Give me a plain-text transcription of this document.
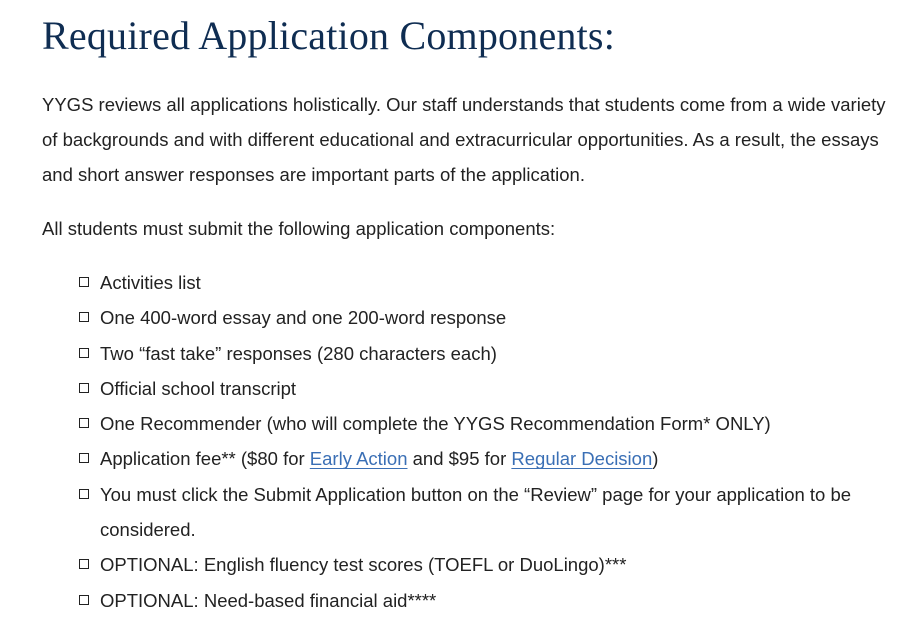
Required Application Components:

YYGS reviews all applications holistically. Our staff understands that students come from a wide variety of backgrounds and with different educational and extracurricular opportunities. As a result, the essays and short answer responses are important parts of the application.

All students must submit the following application components:

Activities list
One 400-word essay and one 200-word response
Two “fast take” responses (280 characters each)
Official school transcript
One Recommender (who will complete the YYGS Recommendation Form* ONLY)
Application fee** ($80 for Early Action and $95 for Regular Decision)
You must click the Submit Application button on the “Review” page for your application to be considered.
OPTIONAL: English fluency test scores (TOEFL or DuoLingo)***
OPTIONAL: Need-based financial aid****
